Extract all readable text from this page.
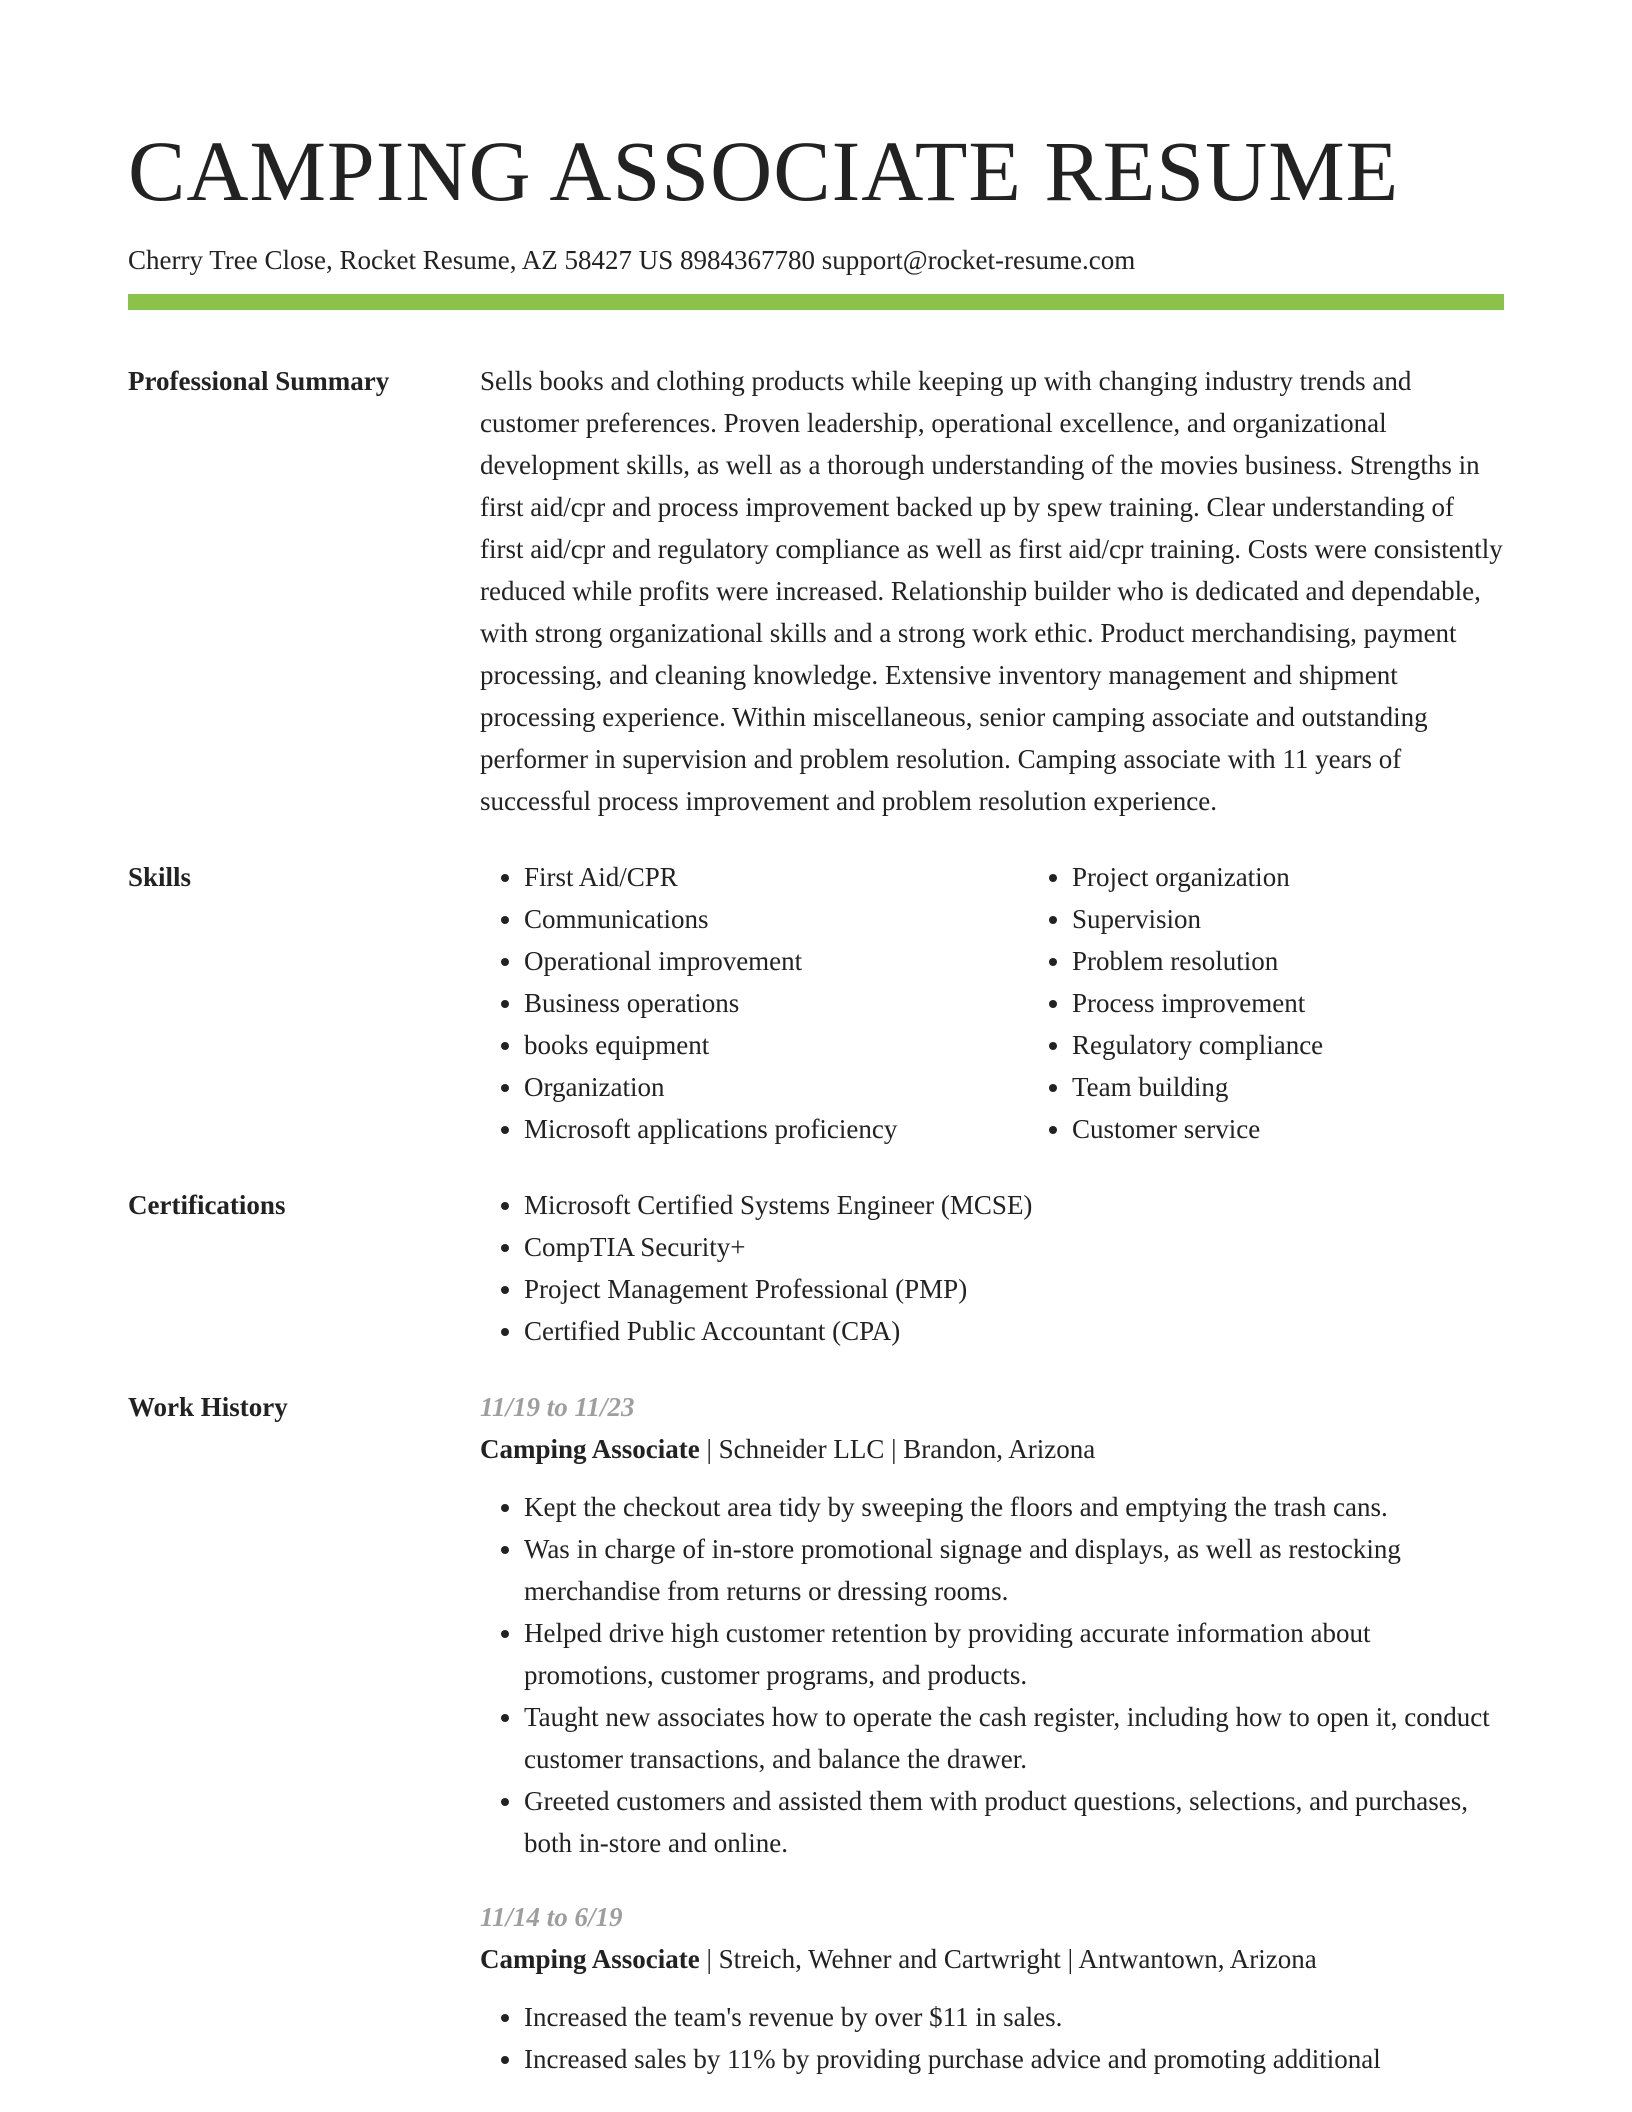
CAMPING ASSOCIATE RESUME
Cherry Tree Close, Rocket Resume, AZ 58427 US 8984367780 support@rocket-resume.com
Professional Summary	Sells books and clothing products while keeping up with changing industry trends and customer preferences. Proven leadership, operational excellence, and organizational development skills, as well as a thorough understanding of the movies business. Strengths in first aid/cpr and process improvement backed up by spew training. Clear understanding of first aid/cpr and regulatory compliance as well as first aid/cpr training. Costs were consistently reduced while profits were increased. Relationship builder who is dedicated and dependable, with strong organizational skills and a strong work ethic. Product merchandising, payment processing, and cleaning knowledge. Extensive inventory management and shipment processing experience. Within miscellaneous, senior camping associate and outstanding performer in supervision and problem resolution. Camping associate with 11 years of successful process improvement and problem resolution experience.

Skills	• First Aid/CPR
• Communications
• Operational improvement
• Business operations
• books equipment
• Organization
• Microsoft applications proficiency
• Project organization
• Supervision
• Problem resolution
• Process improvement
• Regulatory compliance
• Team building
• Customer service
Certifications	• Microsoft Certified Systems Engineer (MCSE)
• CompTIA Security+
• Project Management Professional (PMP)
• Certified Public Accountant (CPA)
Work History	11/19 to 11/23
Camping Associate | Schneider LLC | Brandon, Arizona
• Kept the checkout area tidy by sweeping the floors and emptying the trash cans.
• Was in charge of in-store promotional signage and displays, as well as restocking merchandise from returns or dressing rooms.
• Helped drive high customer retention by providing accurate information about promotions, customer programs, and products.
• Taught new associates how to operate the cash register, including how to open it, conduct customer transactions, and balance the drawer.
• Greeted customers and assisted them with product questions, selections, and purchases, both in-store and online.
11/14 to 6/19
Camping Associate | Streich, Wehner and Cartwright | Antwantown, Arizona
• Increased the team's revenue by over $11 in sales.
• Increased sales by 11% by providing purchase advice and promoting additional
